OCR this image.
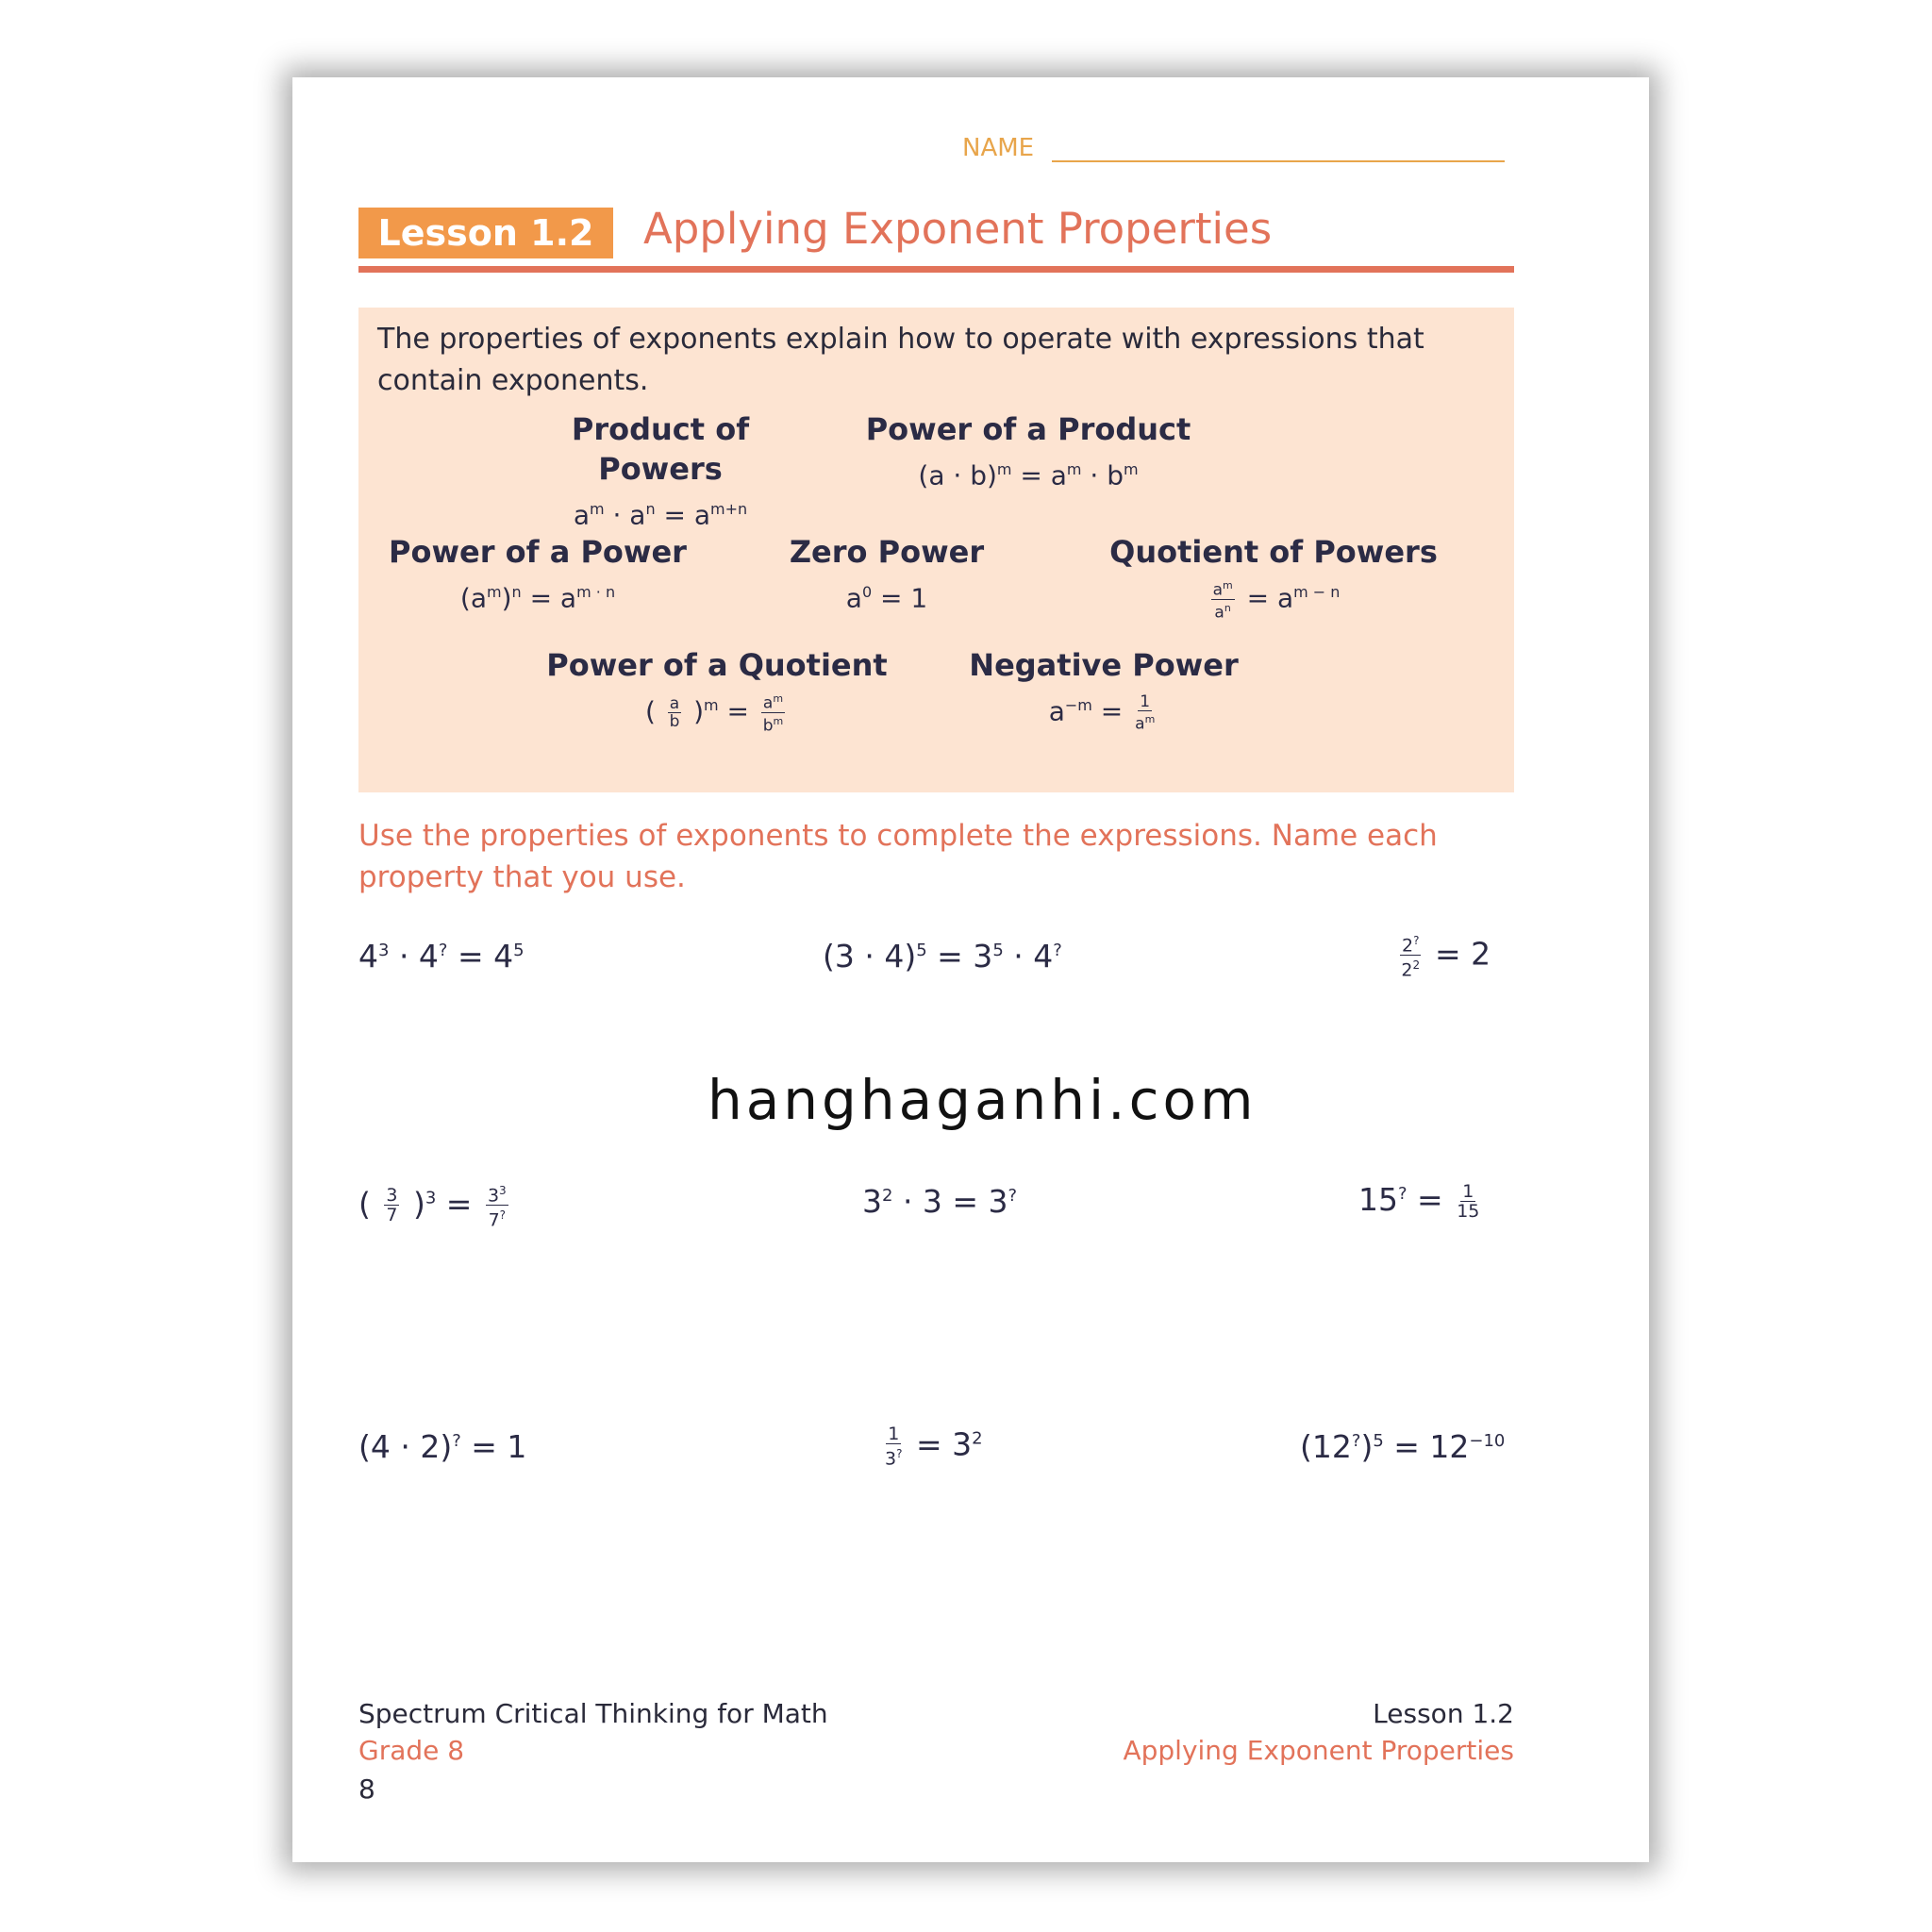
NAME
Lesson 1.2	Applying Exponent Properties
The properties of exponents explain how to operate with expressions that contain exponents.
Product of Powers
$a^m \cdot a^n = a^{m+n}$
Power of a Product
$(a \cdot b)^m = a^m \cdot b^m$
Power of a Power
$(a^m)^n = a^{m \cdot n}$
Zero Power
$a^0 = 1$
Quotient of Powers
$\frac{a^m}{a^n} = a^{m - n}$
Power of a Quotient
( $\frac{a}{b} )^m = \frac{a^m}{b^m}$
Negative Power
$a^{-m} = \frac{1}{a^m}$
Use the properties of exponents to complete the expressions. Name each property that you use.
$4^3 \cdot 4^? = 4^5$	$(3 \cdot 4)^5 = 3^5 \cdot 4^?$	$\frac{2^?}{2^2} = 2$
hanghaganhi.com
( $\frac{3}{7} )^3 = \frac{3^3}{7^?}$	$3^2 \cdot 3 = 3^?$	$15^? = \frac{1}{15}$
(4 · 2)? = 1	$\frac{1}{3^?} = 3^2$	$(12^?)^5 = 12^{-10}$
Spectrum Critical Thinking for Math
Grade 8
8
Lesson 1.2
Applying Exponent Properties
